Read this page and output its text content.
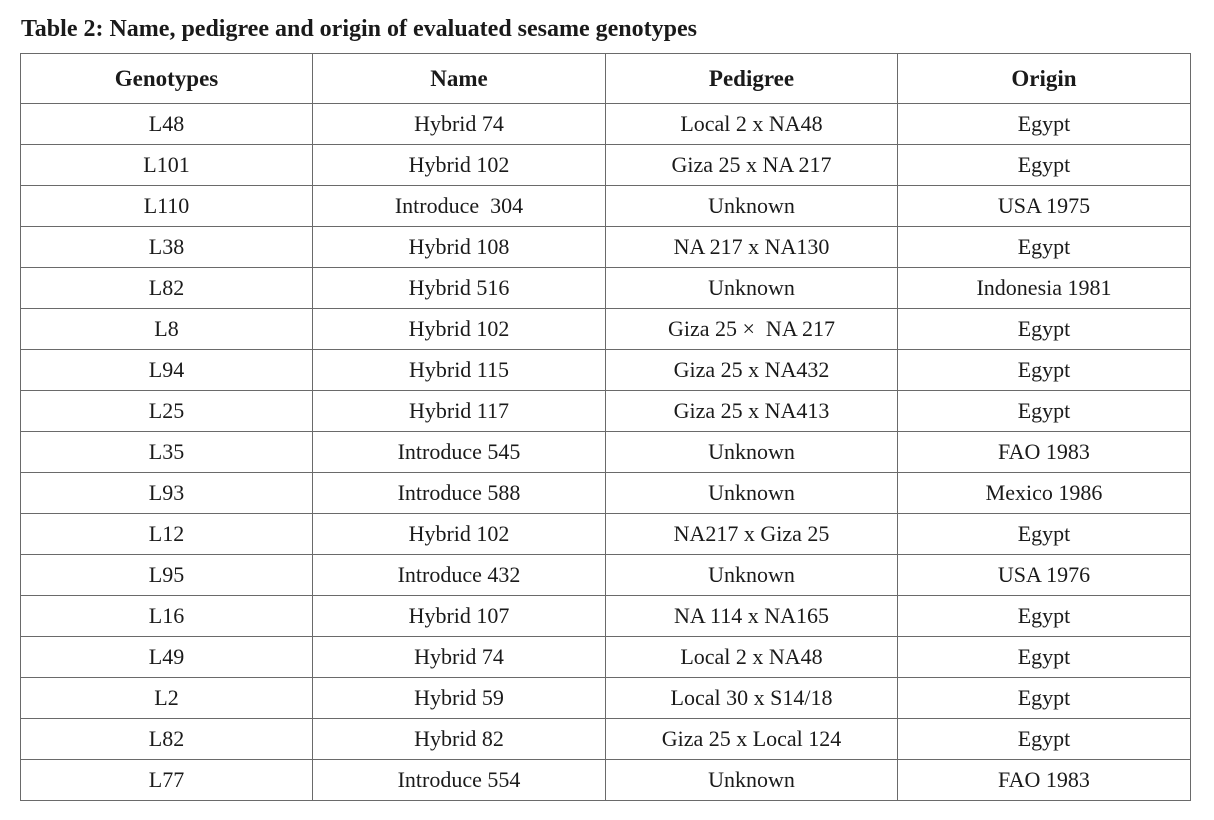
Table 2: Name, pedigree and origin of evaluated sesame genotypes
Genotypes	Name	Pedigree	Origin
L48	Hybrid 74	Local 2 x NA48	Egypt
L101	Hybrid 102	Giza 25 x NA 217	Egypt
L110	Introduce  304	Unknown	USA 1975
L38	Hybrid 108	NA 217 x NA130	Egypt
L82	Hybrid 516	Unknown	Indonesia 1981
L8	Hybrid 102	Giza 25 ×  NA 217	Egypt
L94	Hybrid 115	Giza 25 x NA432	Egypt
L25	Hybrid 117	Giza 25 x NA413	Egypt
L35	Introduce 545	Unknown	FAO 1983
L93	Introduce 588	Unknown	Mexico 1986
L12	Hybrid 102	NA217 x Giza 25	Egypt
L95	Introduce 432	Unknown	USA 1976
L16	Hybrid 107	NA 114 x NA165	Egypt
L49	Hybrid 74	Local 2 x NA48	Egypt
L2	Hybrid 59	Local 30 x S14/18	Egypt
L82	Hybrid 82	Giza 25 x Local 124	Egypt
L77	Introduce 554	Unknown	FAO 1983
